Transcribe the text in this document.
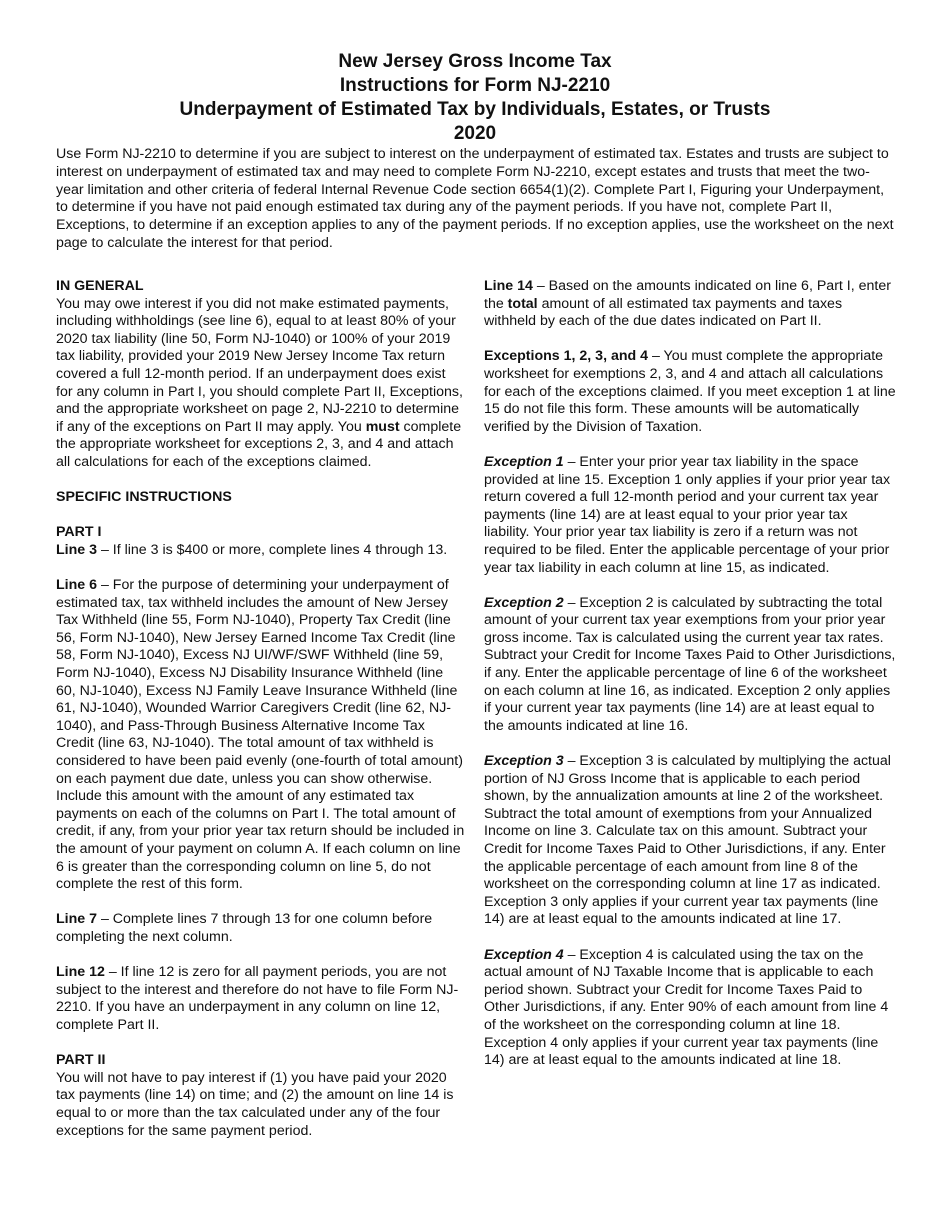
New Jersey Gross Income Tax
Instructions for Form NJ-2210
Underpayment of Estimated Tax by Individuals, Estates, or Trusts
2020

Use Form NJ-2210 to determine if you are subject to interest on the underpayment of estimated tax. Estates and trusts are subject to interest on underpayment of estimated tax and may need to complete Form NJ-2210, except estates and trusts that meet the two-year limitation and other criteria of federal Internal Revenue Code section 6654(1)(2). Complete Part I, Figuring your Underpayment, to determine if you have not paid enough estimated tax during any of the payment periods. If you have not, complete Part II, Exceptions, to determine if an exception applies to any of the payment periods. If no exception applies, use the worksheet on the next page to calculate the interest for that period.

IN GENERAL

You may owe interest if you did not make estimated payments, including withholdings (see line 6), equal to at least 80% of your 2020 tax liability (line 50, Form NJ-1040) or 100% of your 2019 tax liability, provided your 2019 New Jersey Income Tax return covered a full 12-month period. If an underpayment does exist for any column in Part I, you should complete Part II, Exceptions, and the appropriate worksheet on page 2, NJ-2210 to determine if any of the exceptions on Part II may apply. You must complete the appropriate worksheet for exceptions 2, 3, and 4 and attach all calculations for each of the exceptions claimed.

SPECIFIC INSTRUCTIONS
PART I

Line 3 – If line 3 is $400 or more, complete lines 4 through 13.

Line 6 – For the purpose of determining your underpayment of estimated tax, tax withheld includes the amount of New Jersey Tax Withheld (line 55, Form NJ-1040), Property Tax Credit (line 56, Form NJ-1040), New Jersey Earned Income Tax Credit (line 58, Form NJ-1040), Excess NJ UI/WF/SWF Withheld (line 59, Form NJ-1040), Excess NJ Disability Insurance Withheld (line 60, NJ-1040), Excess NJ Family Leave Insurance Withheld (line 61, NJ-1040), Wounded Warrior Caregivers Credit (line 62, NJ-1040), and Pass-Through Business Alternative Income Tax Credit (line 63, NJ-1040). The total amount of tax withheld is considered to have been paid evenly (one-fourth of total amount) on each payment due date, unless you can show otherwise. Include this amount with the amount of any estimated tax payments on each of the columns on Part I. The total amount of credit, if any, from your prior year tax return should be included in the amount of your payment on column A. If each column on line 6 is greater than the corresponding column on line 5, do not complete the rest of this form.

Line 7 – Complete lines 7 through 13 for one column before completing the next column.

Line 12 – If line 12 is zero for all payment periods, you are not subject to the interest and therefore do not have to file Form NJ-2210. If you have an underpayment in any column on line 12, complete Part II.

PART II

You will not have to pay interest if (1) you have paid your 2020 tax payments (line 14) on time; and (2) the amount on line 14 is equal to or more than the tax calculated under any of the four exceptions for the same payment period.

Line 14 – Based on the amounts indicated on line 6, Part I, enter the total amount of all estimated tax payments and taxes withheld by each of the due dates indicated on Part II.

Exceptions 1, 2, 3, and 4 – You must complete the appropriate worksheet for exemptions 2, 3, and 4 and attach all calculations for each of the exceptions claimed. If you meet exception 1 at line 15 do not file this form. These amounts will be automatically verified by the Division of Taxation.

Exception 1 – Enter your prior year tax liability in the space provided at line 15. Exception 1 only applies if your prior year tax return covered a full 12-month period and your current tax year payments (line 14) are at least equal to your prior year tax liability. Your prior year tax liability is zero if a return was not required to be filed. Enter the applicable percentage of your prior year tax liability in each column at line 15, as indicated.

Exception 2 – Exception 2 is calculated by subtracting the total amount of your current tax year exemptions from your prior year gross income. Tax is calculated using the current year tax rates. Subtract your Credit for Income Taxes Paid to Other Jurisdictions, if any. Enter the applicable percentage of line 6 of the worksheet on each column at line 16, as indicated. Exception 2 only applies if your current year tax payments (line 14) are at least equal to the amounts indicated at line 16.

Exception 3 – Exception 3 is calculated by multiplying the actual portion of NJ Gross Income that is applicable to each period shown, by the annualization amounts at line 2 of the worksheet. Subtract the total amount of exemptions from your Annualized Income on line 3. Calculate tax on this amount. Subtract your Credit for Income Taxes Paid to Other Jurisdictions, if any. Enter the applicable percentage of each amount from line 8 of the worksheet on the corresponding column at line 17 as indicated. Exception 3 only applies if your current year tax payments (line 14) are at least equal to the amounts indicated at line 17.

Exception 4 – Exception 4 is calculated using the tax on the actual amount of NJ Taxable Income that is applicable to each period shown. Subtract your Credit for Income Taxes Paid to Other Jurisdictions, if any. Enter 90% of each amount from line 4 of the worksheet on the corresponding column at line 18. Exception 4 only applies if your current year tax payments (line 14) are at least equal to the amounts indicated at line 18.
